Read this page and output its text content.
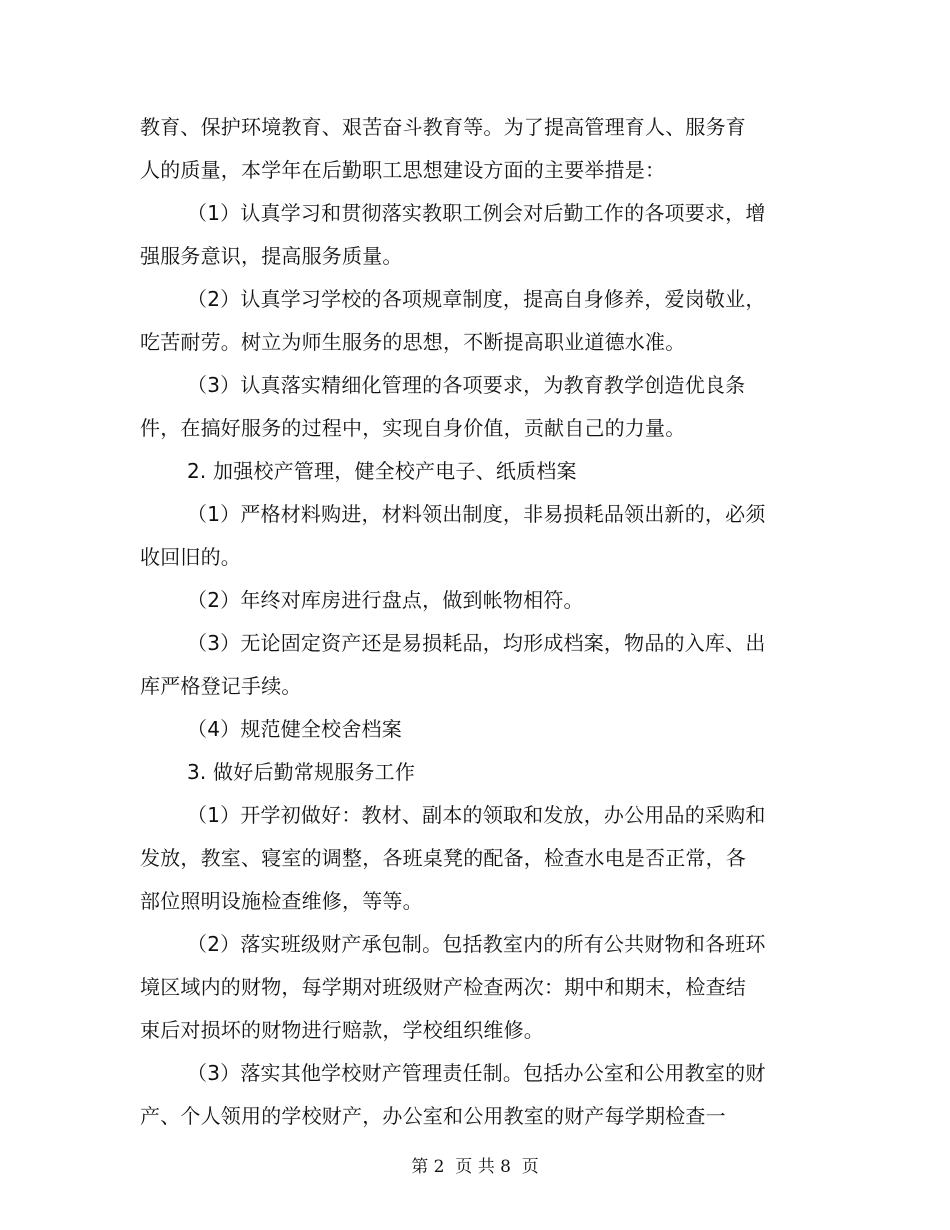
教育、保护环境教育、艰苦奋斗教育等。为了提高管理育人、服务育
人的质量，本学年在后勤职工思想建设方面的主要举措是：
（1）认真学习和贯彻落实教职工例会对后勤工作的各项要求，增
强服务意识，提高服务质量。
（2）认真学习学校的各项规章制度，提高自身修养，爱岗敬业，
吃苦耐劳。树立为师生服务的思想，不断提高职业道德水准。
（3）认真落实精细化管理的各项要求，为教育教学创造优良条
件，在搞好服务的过程中，实现自身价值，贡献自己的力量。
2. 加强校产管理，健全校产电子、纸质档案
（1）严格材料购进，材料领出制度，非易损耗品领出新的，必须
收回旧的。
（2）年终对库房进行盘点，做到帐物相符。
（3）无论固定资产还是易损耗品，均形成档案，物品的入库、出
库严格登记手续。
（4）规范健全校舍档案
3. 做好后勤常规服务工作
（1）开学初做好：教材、副本的领取和发放，办公用品的采购和
发放，教室、寝室的调整，各班桌凳的配备，检查水电是否正常，各
部位照明设施检查维修，等等。
（2）落实班级财产承包制。包括教室内的所有公共财物和各班环
境区域内的财物，每学期对班级财产检查两次：期中和期末，检查结
束后对损坏的财物进行赔款，学校组织维修。
（3）落实其他学校财产管理责任制。包括办公室和公用教室的财
产、个人领用的学校财产，办公室和公用教室的财产每学期检查一
第 2  页 共 8  页
